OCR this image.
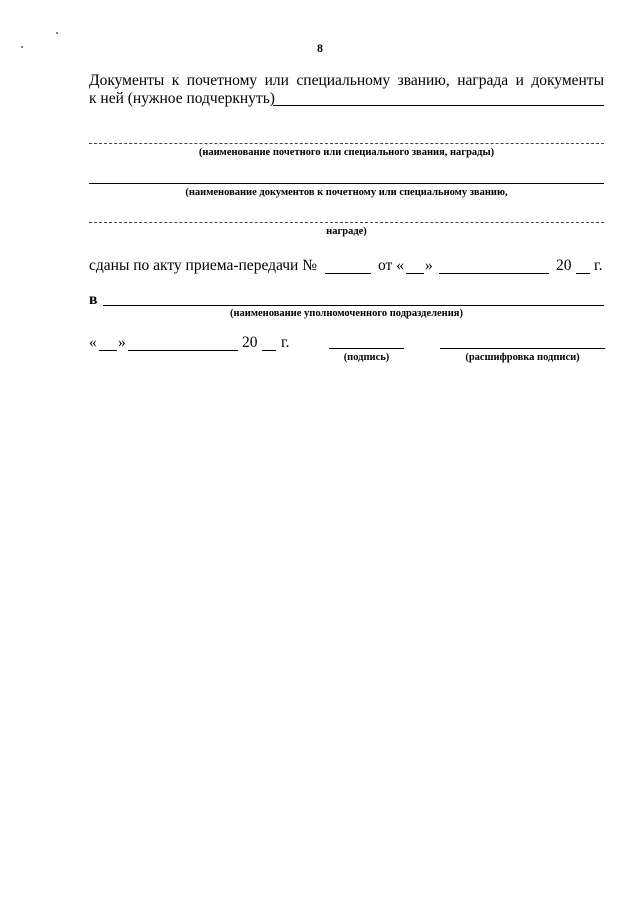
8
Документы к почетному или специальному званию, награда и документы
к ней (нужное подчеркнуть)
(наименование почетного или специального звания, награды)
(наименование документов к почетному или специальному званию,
награде)
сданы по акту приема-передачи №	от « »	20 г.
в
(наименование уполномоченного подразделения)
« »	20 г.
(подпись)	(расшифровка подписи)
